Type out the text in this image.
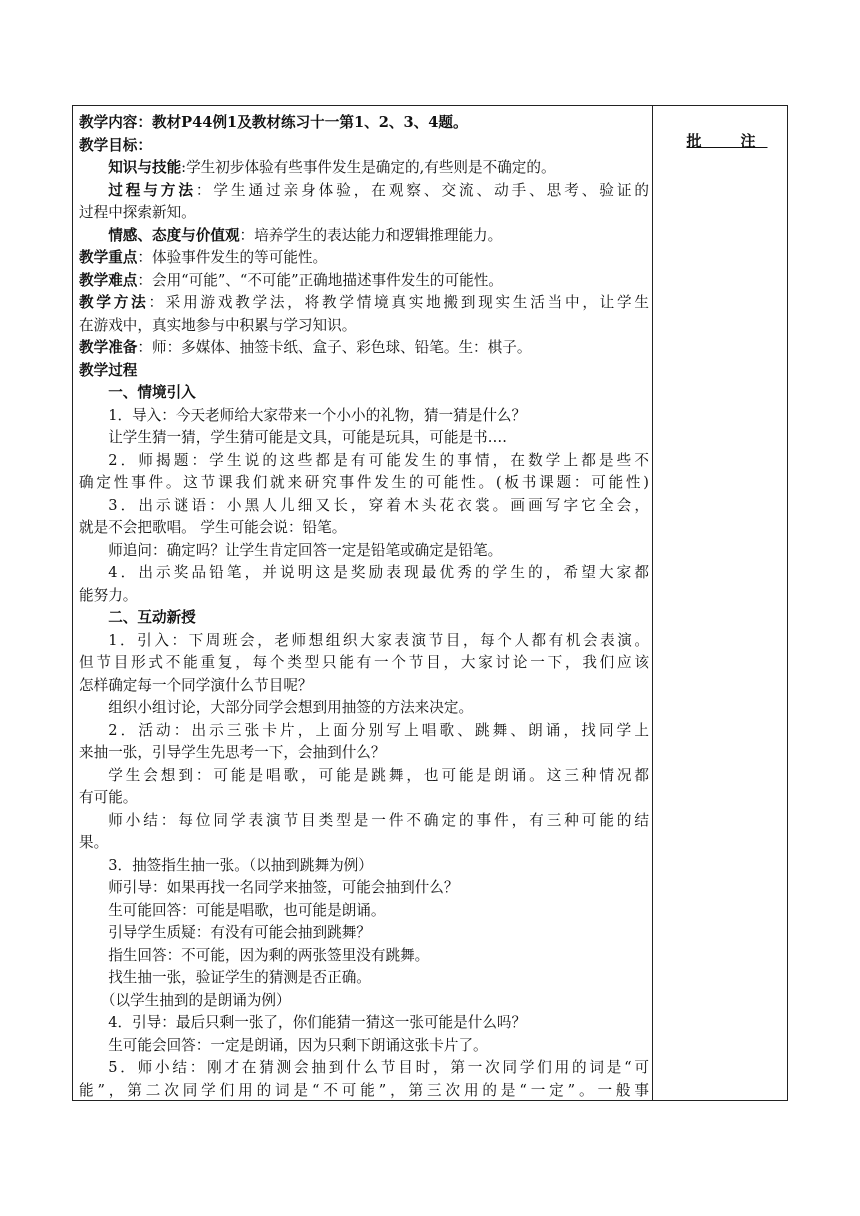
批　注
教学内容：教材P44例1及教材练习十一第1、2、3、4题。
教学目标：
知识与技能:学生初步体验有些事件发生是确定的,有些则是不确定的。
过程与方法：学生通过亲身体验，在观察、交流、动手、思考、验证的
过程中探索新知。
情感、态度与价值观：培养学生的表达能力和逻辑推理能力。
教学重点：体验事件发生的等可能性。
教学难点：会用“可能”、“不可能”正确地描述事件发生的可能性。
教学方法：采用游戏教学法，将教学情境真实地搬到现实生活当中，让学生
在游戏中，真实地参与中积累与学习知识。
教学准备：师：多媒体、抽签卡纸、盒子、彩色球、铅笔。生：棋子。
教学过程
一、情境引入
1．导入：今天老师给大家带来一个小小的礼物，猜一猜是什么？
让学生猜一猜，学生猜可能是文具，可能是玩具，可能是书….
2．师揭题：学生说的这些都是有可能发生的事情，在数学上都是些不
确定性事件。这节课我们就来研究事件发生的可能性。(板书课题：可能性)
3．出示谜语：小黑人儿细又长，穿着木头花衣裳。画画写字它全会，
就是不会把歌唱。 学生可能会说：铅笔。
师追问：确定吗？让学生肯定回答一定是铅笔或确定是铅笔。
4．出示奖品铅笔，并说明这是奖励表现最优秀的学生的，希望大家都
能努力。
二、互动新授
1．引入：下周班会，老师想组织大家表演节目，每个人都有机会表演。
但节目形式不能重复，每个类型只能有一个节目，大家讨论一下，我们应该
怎样确定每一个同学演什么节目呢？
组织小组讨论，大部分同学会想到用抽签的方法来决定。
2．活动：出示三张卡片，上面分别写上唱歌、跳舞、朗诵，找同学上
来抽一张，引导学生先思考一下，会抽到什么？
学生会想到：可能是唱歌，可能是跳舞，也可能是朗诵。这三种情况都
有可能。
师小结：每位同学表演节目类型是一件不确定的事件，有三种可能的结
果。
3．抽签指生抽一张。（以抽到跳舞为例）
师引导：如果再找一名同学来抽签，可能会抽到什么？
生可能回答：可能是唱歌，也可能是朗诵。
引导学生质疑：有没有可能会抽到跳舞？
指生回答：不可能，因为剩的两张签里没有跳舞。
找生抽一张，验证学生的猜测是否正确。
（以学生抽到的是朗诵为例）
4．引导：最后只剩一张了，你们能猜一猜这一张可能是什么吗？
生可能会回答：一定是朗诵，因为只剩下朗诵这张卡片了。
5．师小结：刚才在猜测会抽到什么节目时，第一次同学们用的词是“可
能”，第二次同学们用的词是“不可能”，第三次用的是“一定”。一般事
